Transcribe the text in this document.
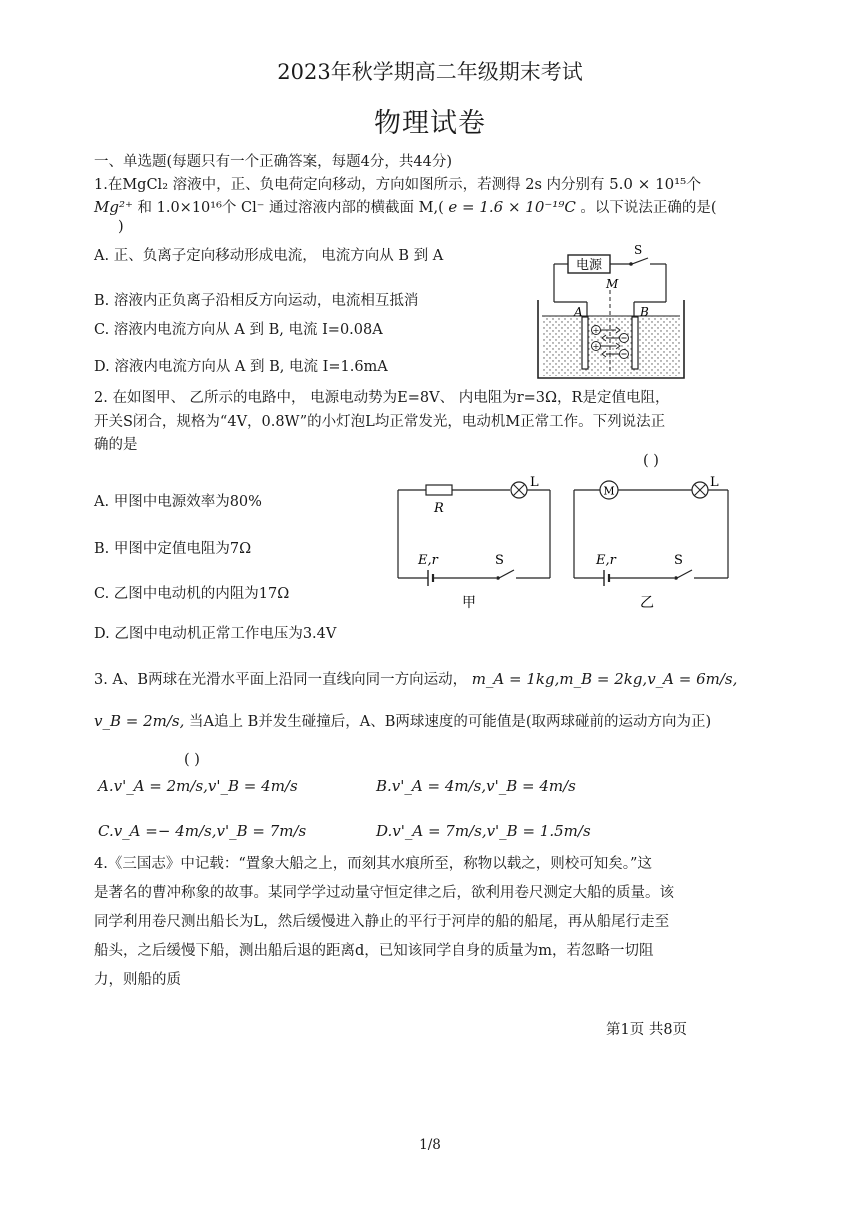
2023年秋学期高二年级期末考试
物理试卷
一、单选题(每题只有一个正确答案，每题4分，共44分)
1.在MgCl₂ 溶液中，正、负电荷定向移动，方向如图所示，若测得 2s 内分别有 5.0 × 10¹⁵个
Mg²⁺ 和 1.0×10¹⁶个 Cl⁻ 通过溶液内部的横截面 M,( e = 1.6 × 10⁻¹⁹C 。以下说法正确的是(
)
A. 正、负离子定向移动形成电流， 电流方向从 B 到 A
B. 溶液内正负离子沿相反方向运动，电流相互抵消
C. 溶液内电流方向从 A 到 B, 电流 I=0.08A
D. 溶液内电流方向从 A 到 B, 电流 I=1.6mA
电源
S
A	B
M
+
+
2. 在如图甲、 乙所示的电路中， 电源电动势为E=8V、 内电阻为r=3Ω，R是定值电阻，
开关S闭合，规格为“4V，0.8W”的小灯泡L均正常发光，电动机M正常工作。下列说法正
确的是
( )
A. 甲图中电源效率为80%
B. 甲图中定值电阻为7Ω
C. 乙图中电动机的内阻为17Ω
D. 乙图中电动机正常工作电压为3.4V
R
L
E,r	S
甲
M
L
E,r	S
乙
3. A、B两球在光滑水平面上沿同一直线向同一方向运动， m_A = 1kg,m_B = 2kg,v_A = 6m/s,
v_B = 2m/s, 当A追上 B并发生碰撞后，A、B两球速度的可能值是(取两球碰前的运动方向为正)
( )
A.v'_A = 2m/s,v'_B = 4m/s	B.v'_A = 4m/s,v'_B = 4m/s
C.v_A =− 4m/s,v'_B = 7m/s	D.v'_A = 7m/s,v'_B = 1.5m/s
4.《三国志》中记载：“置象大船之上，而刻其水痕所至，称物以载之，则校可知矣。”这
是著名的曹冲称象的故事。某同学学过动量守恒定律之后，欲利用卷尺测定大船的质量。该
同学利用卷尺测出船长为L，然后缓慢进入静止的平行于河岸的船的船尾，再从船尾行走至
船头，之后缓慢下船，测出船后退的距离d，已知该同学自身的质量为m，若忽略一切阻
力，则船的质
第1页 共8页
1/8
